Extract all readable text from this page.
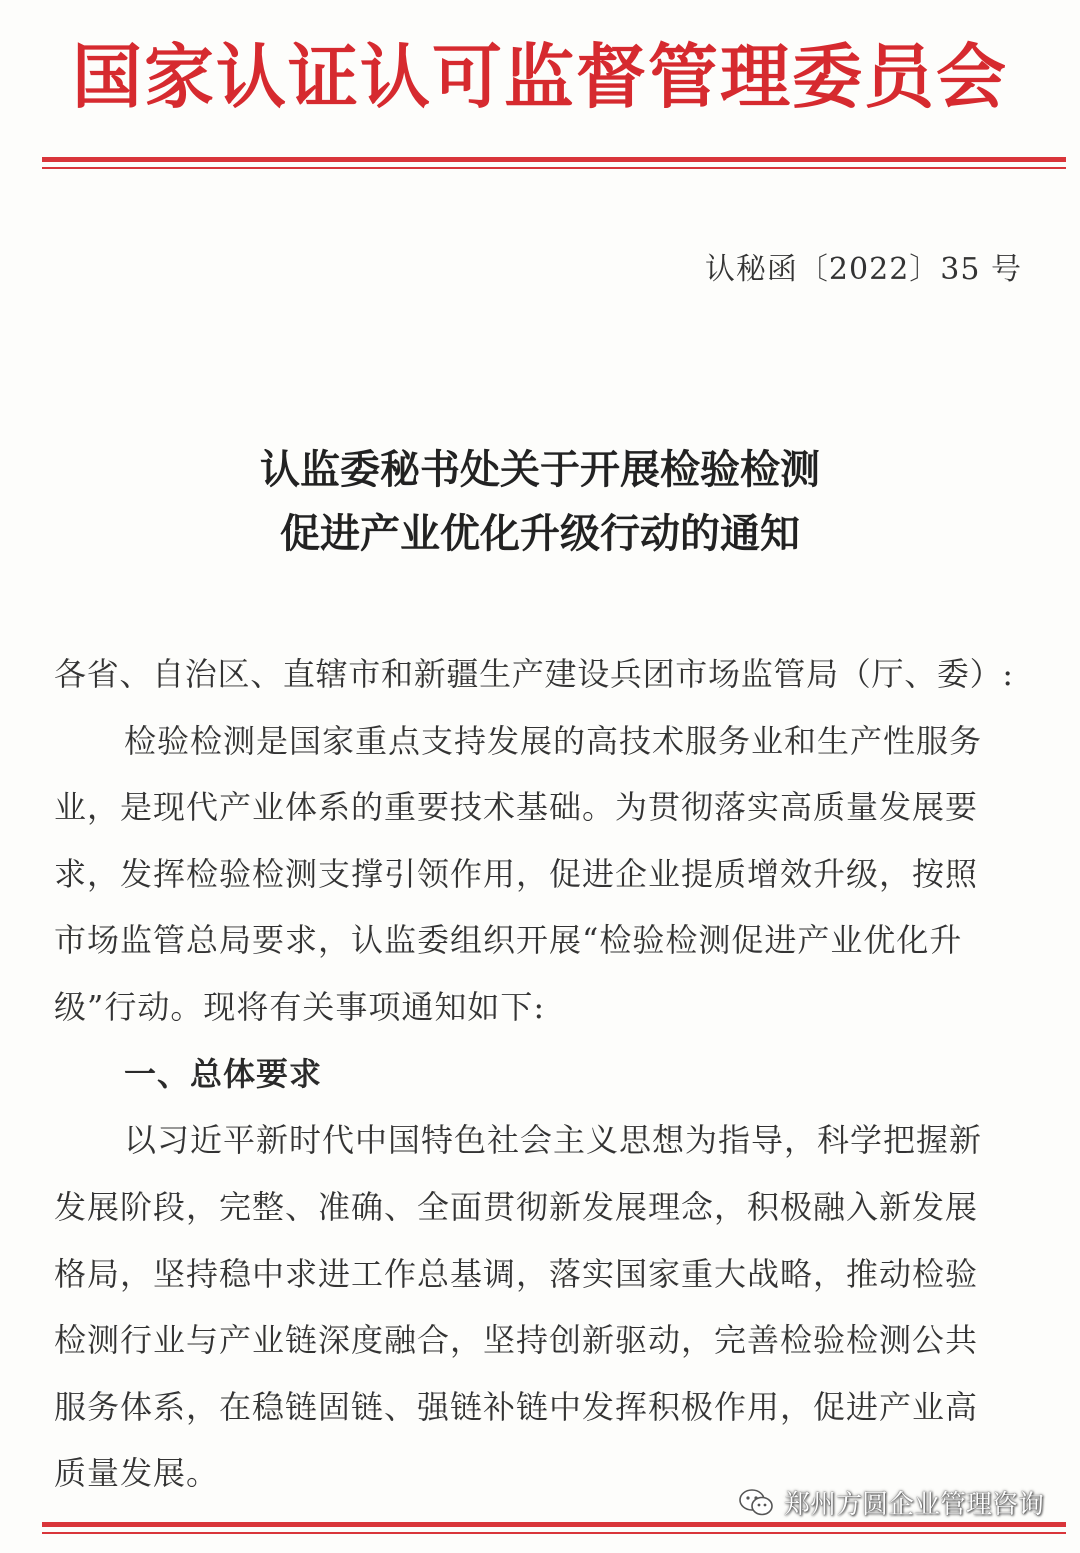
国家认证认可监督管理委员会
认秘函〔2022〕35 号
认监委秘书处关于开展检验检测
促进产业优化升级行动的通知
各省、自治区、直辖市和新疆生产建设兵团市场监管局（厅、委）:
检验检测是国家重点支持发展的高技术服务业和生产性服务
业，是现代产业体系的重要技术基础。为贯彻落实高质量发展要
求，发挥检验检测支撑引领作用，促进企业提质增效升级，按照
市场监管总局要求，认监委组织开展“检验检测促进产业优化升
级”行动。现将有关事项通知如下:
一、总体要求
以习近平新时代中国特色社会主义思想为指导，科学把握新
发展阶段，完整、准确、全面贯彻新发展理念，积极融入新发展
格局，坚持稳中求进工作总基调，落实国家重大战略，推动检验
检测行业与产业链深度融合，坚持创新驱动，完善检验检测公共
服务体系，在稳链固链、强链补链中发挥积极作用，促进产业高
质量发展。
郑州方圆企业管理咨询
